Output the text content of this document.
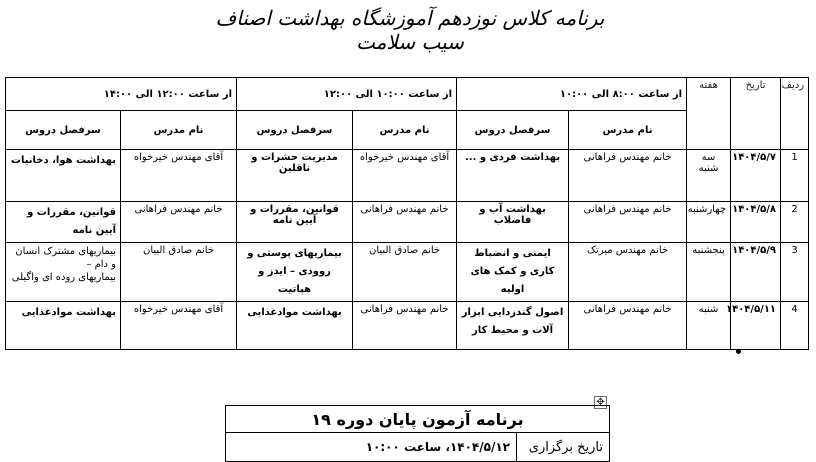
برنامه کلاس نوزدهم آموزشگاه بهداشت اصناف سیب سلامت
ردیف	تاریخ	هفته	از ساعت ۸:۰۰ الی ۱۰:۰۰		از ساعت ۱۰:۰۰ الی ۱۲:۰۰		از ساعت ۱۲:۰۰ الی ۱۴:۰۰	
			نام مدرس	سرفصل دروس	نام مدرس	سرفصل دروس	نام مدرس	سرفصل دروس
1	۱۴۰۴/۵/۷	سه شنبه	خانم مهندس فراهانی	بهداشت فردی و ...	آقای مهندس خیرخواه	مدیریت حشرات و ناقلین	آقای مهندس خیرخواه	بهداشت هوا، دخانیات
2	۱۴۰۴/۵/۸	چهارشنبه	خانم مهندس فراهانی	بهداشت آب و فاضلاب	خانم مهندس فراهانی	قوانین، مقررات و آیین نامه	خانم مهندس فراهانی	قوانین، مقررات و آیین نامه
3	۱۴۰۴/۵/۹	پنجشنبه	خانم مهندس میرتک	ایمنی و انضباط کاری و کمک های اولیه	خانم صادق البیان	بیماریهای پوستی و روودی – ایدز و هپاتیت	خانم صادق البیان	بیماریهای مشترک انسان و دام –
بیماریهای روده ای واگیلی

4	۱۴۰۴/۵/۱۱	شنبه	خانم مهندس فراهانی	اصول گندزدایی ابزار آلات و محیط کار	خانم مهندس فراهانی	بهداشت موادغذایی	آقای مهندس خیرخواه	بهداشت موادغذایی
✥
برنامه آزمون پایان دوره ۱۹
تاریخ برگزاری	۱۴۰۴/۵/۱۲، ساعت ۱۰:۰۰
